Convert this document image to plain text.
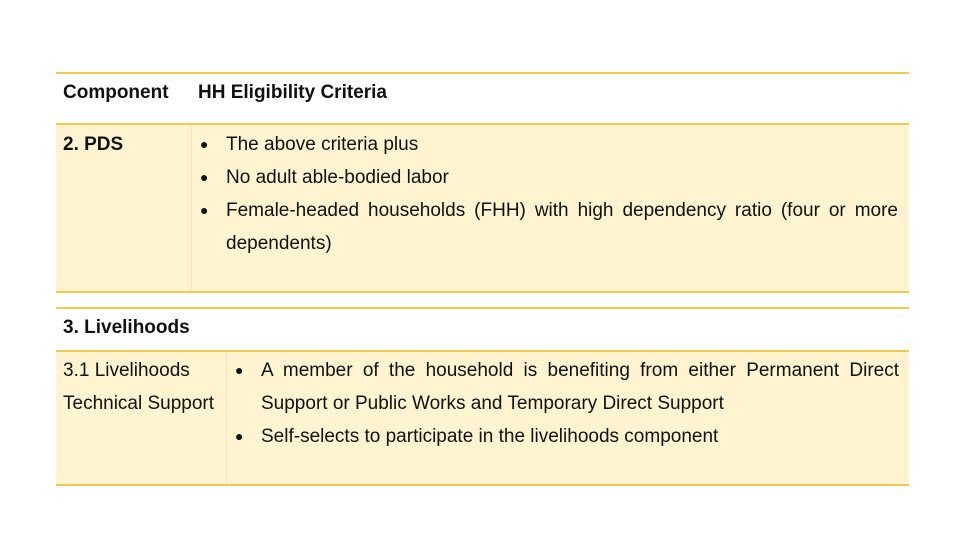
Component HH Eligibility Criteria
2. PDS	● The above criteria plus
● No adult able-bodied labor
● Female-headed households (FHH) with high dependency ratio (four or more dependents)
3. Livelihoods
3.1 Livelihoods Technical Support
● A member of the household is benefiting from either Permanent Direct Support or Public Works and Temporary Direct Support
● Self-selects to participate in the livelihoods component
